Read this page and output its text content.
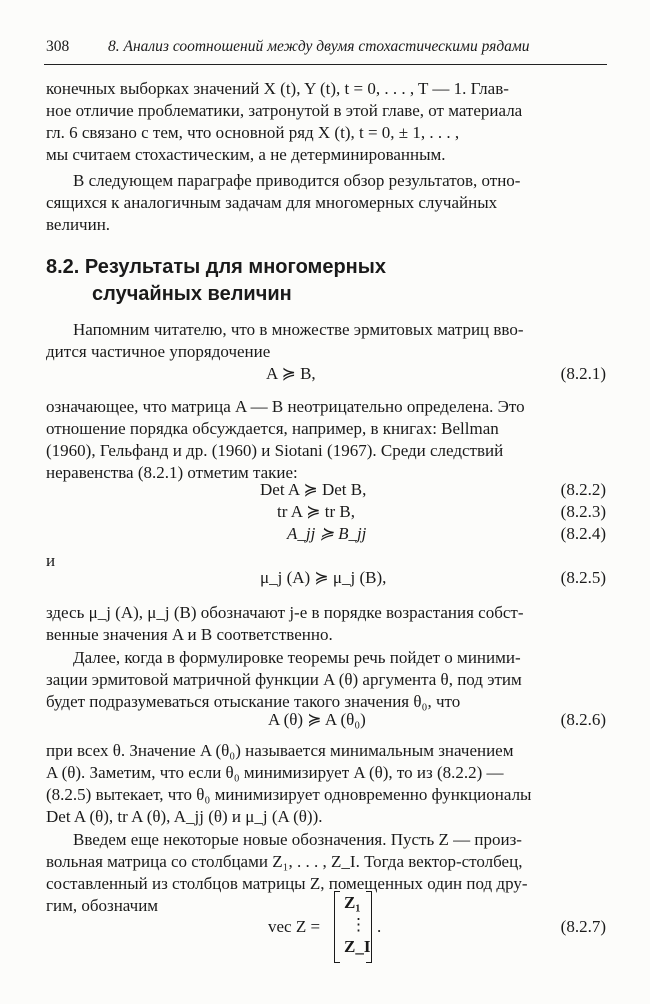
308	8. Анализ соотношений между двумя стохастическими рядами
конечных выборках значений X (t), Y (t), t = 0, . . . , T — 1. Глав-
ное отличие проблематики, затронутой в этой главе, от материала
гл. 6 связано с тем, что основной ряд X (t), t = 0, ± 1, . . . ,
мы считаем стохастическим, а не детерминированным.
В следующем параграфе приводится обзор результатов, отно-
сящихся к аналогичным задачам для многомерных случайных
величин.
8.2. Результаты для многомерных
случайных величин
Напомним читателю, что в множестве эрмитовых матриц вво-
дится частичное упорядочение
A ≽ B,	(8.2.1)
означающее, что матрица A — B неотрицательно определена. Это
отношение порядка обсуждается, например, в книгах: Bellman
(1960), Гельфанд и др. (1960) и Siotani (1967). Среди следствий
неравенства (8.2.1) отметим такие:
Det A ≽ Det B,	(8.2.2)
tr A ≽ tr B,	(8.2.3)
A_jj ≽ B_jj	(8.2.4)
и
μ_j (A) ≽ μ_j (B),	(8.2.5)
здесь μ_j (A), μ_j (B) обозначают j-е в порядке возрастания собст-
венные значения A и B соответственно.
Далее, когда в формулировке теоремы речь пойдет о миними-
зации эрмитовой матричной функции A (θ) аргумента θ, под этим
будет подразумеваться отыскание такого значения θ₀, что
A (θ) ≽ A (θ₀)	(8.2.6)
при всех θ. Значение A (θ₀) называется минимальным значением
A (θ). Заметим, что если θ₀ минимизирует A (θ), то из (8.2.2) —
(8.2.5) вытекает, что θ₀ минимизирует одновременно функционалы
Det A (θ), tr A (θ), A_jj (θ) и μ_j (A (θ)).
Введем еще некоторые новые обозначения. Пусть Z — произ-
вольная матрица со столбцами Z₁, . . . , Z_I. Тогда вектор-столбец,
составленный из столбцов матрицы Z, помещенных один под дру-
гим, обозначим
vec Z =
Z₁
⋮
Z_I
.	(8.2.7)
